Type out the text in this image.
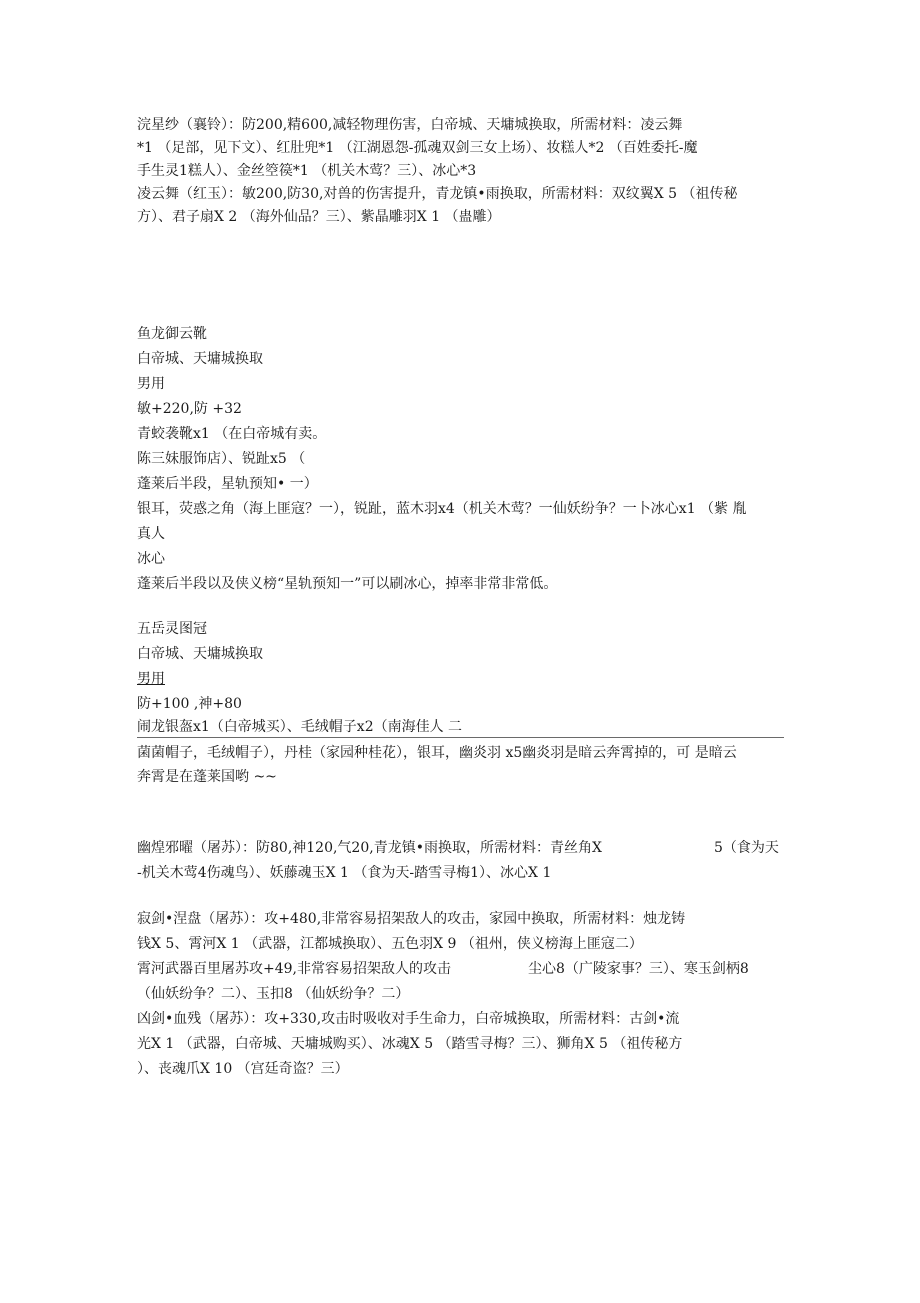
浣星纱（襄铃）：防200,精600,减轻物理伤害，白帝城、天墉城换取，所需材料：凌云舞
*1 （足部，见下文）、红肚兜*1 （江湖恩怨-孤魂双剑三女上场）、妆糕人*2 （百姓委托-魔
手生灵1糕人）、金丝箜篌*1 （机关木莺？三）、冰心*3
凌云舞（红玉）：敏200,防30,对兽的伤害提升，青龙镇•雨换取，所需材料：双纹翼X 5 （祖传秘
方）、君子扇X 2 （海外仙品？三）、紫晶雕羽X 1 （蛊雕）
鱼龙御云靴
白帝城、天墉城换取
男用
敏+220,防 +32
青蛟袭靴x1 （在白帝城有卖。
陈三妹服饰店）、锐趾x5 （
蓬莱后半段，星轨预知• 一）
银耳，荧惑之角（海上匪寇？一），锐趾，蓝木羽x4（机关木莺？一仙妖纷争？一卜冰心x1 （紫 胤
真人
冰心
蓬莱后半段以及侠义榜“星轨预知一”可以刷冰心，掉率非常非常低。
五岳灵图冠
白帝城、天墉城换取
男用
防+100 ,神+80
闹龙银盔x1（白帝城买）、毛绒帽子x2（南海佳人 二
菌菌帽子，毛绒帽子），丹桂（家园种桂花），银耳，幽炎羽 x5幽炎羽是暗云奔霄掉的，可 是暗云
奔霄是在蓬莱国哟 ~~
幽煌邪曜（屠苏）：防80,神120,气20,青龙镇•雨换取，所需材料：青丝角X	5（食为天
-机关木莺4伤魂鸟）、妖藤魂玉X 1 （食为天-踏雪寻梅1）、冰心X 1
寂剑•涅盘（屠苏）：攻+480,非常容易招架敌人的攻击，家园中换取，所需材料：烛龙铸
钱X 5、霄河X 1 （武器，江都城换取）、五色羽X 9 （祖州，侠义榜海上匪寇二）
霄河武器百里屠苏攻+49,非常容易招架敌人的攻击	尘心8（广陵家事？三）、寒玉剑柄8
（仙妖纷争？二）、玉扣8 （仙妖纷争？二）
凶剑•血残（屠苏）：攻+330,攻击时吸收对手生命力，白帝城换取，所需材料：古剑•流
光X 1 （武器，白帝城、天墉城购买）、冰魂X 5 （踏雪寻梅？三）、狮角X 5 （祖传秘方
）、丧魂爪X 10 （宫廷奇盗？三）
